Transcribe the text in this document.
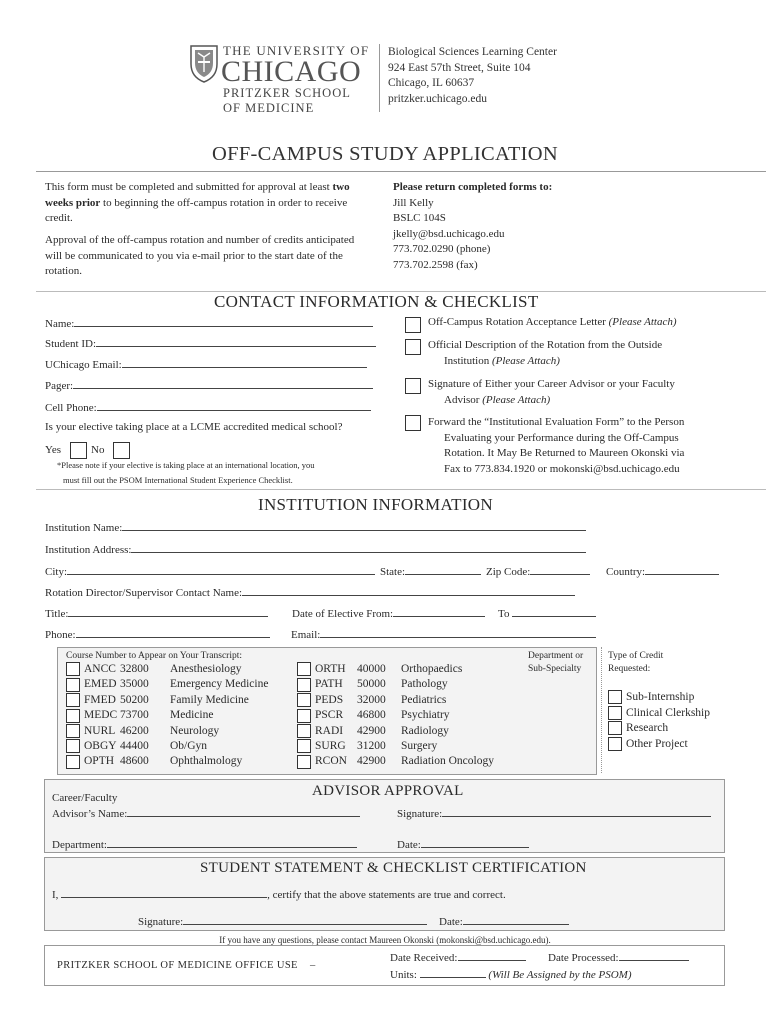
THE UNIVERSITY OF
CHICAGO
PRITZKER SCHOOL
OF MEDICINE
Biological Sciences Learning Center
924 East 57th Street, Suite 104
Chicago, IL 60637
pritzker.uchicago.edu
OFF-CAMPUS STUDY APPLICATION
This form must be completed and submitted for approval at least two
weeks prior to beginning the off-campus rotation in order to receive
credit.
Approval of the off-campus rotation and number of credits anticipated
will be communicated to you via e-mail prior to the start date of the
rotation.
Please return completed forms to:
Jill Kelly
BSLC 104S
jkelly@bsd.uchicago.edu
773.702.0290 (phone)
773.702.2598 (fax)
CONTACT INFORMATION & CHECKLIST
Name:
Student ID:
UChicago Email:
Pager:
Cell Phone:
Is your elective taking place at a LCME accredited medical school?
Yes	No
*Please note if your elective is taking place at an international location, you
must fill out the PSOM International Student Experience Checklist.
Off-Campus Rotation Acceptance Letter (Please Attach)
Official Description of the Rotation from the Outside
Institution (Please Attach)
Signature of Either your Career Advisor or your Faculty
Advisor (Please Attach)
Forward the “Institutional Evaluation Form” to the Person
Evaluating your Performance during the Off-Campus
Rotation. It May Be Returned to Maureen Okonski via
Fax to 773.834.1920 or mokonski@bsd.uchicago.edu
INSTITUTION INFORMATION
Institution Name:
Institution Address:
City:	State:	Zip Code:	Country:
Rotation Director/Supervisor Contact Name:
Title:	Date of Elective From:	To
Phone:	Email:
Course Number to Appear on Your Transcript:	Department or
Sub-Specialty
ANCC 32800 Anesthesiology
EMED 35000 Emergency Medicine
FMED 50200 Family Medicine
MEDC 73700 Medicine
NURL 46200 Neurology
OBGY 44400 Ob/Gyn
OPTH 48600 Ophthalmology
ORTH 40000 Orthopaedics
PATH 50000 Pathology
PEDS 32000 Pediatrics
PSCR 46800 Psychiatry
RADI 42900 Radiology
SURG 31200 Surgery
RCON 42900 Radiation Oncology
Type of Credit
Requested:
Sub-Internship
Clinical Clerkship
Research
Other Project
ADVISOR APPROVAL
Career/Faculty
Advisor’s Name:	Signature:
Department:	Date:
STUDENT STATEMENT & CHECKLIST CERTIFICATION
I,	, certify that the above statements are true and correct.
Signature:	Date:
If you have any questions, please contact Maureen Okonski (mokonski@bsd.uchicago.edu).
PRITZKER SCHOOL OF MEDICINE OFFICE USE –
Date Received:	Date Processed:
Units:	(Will Be Assigned by the PSOM)
